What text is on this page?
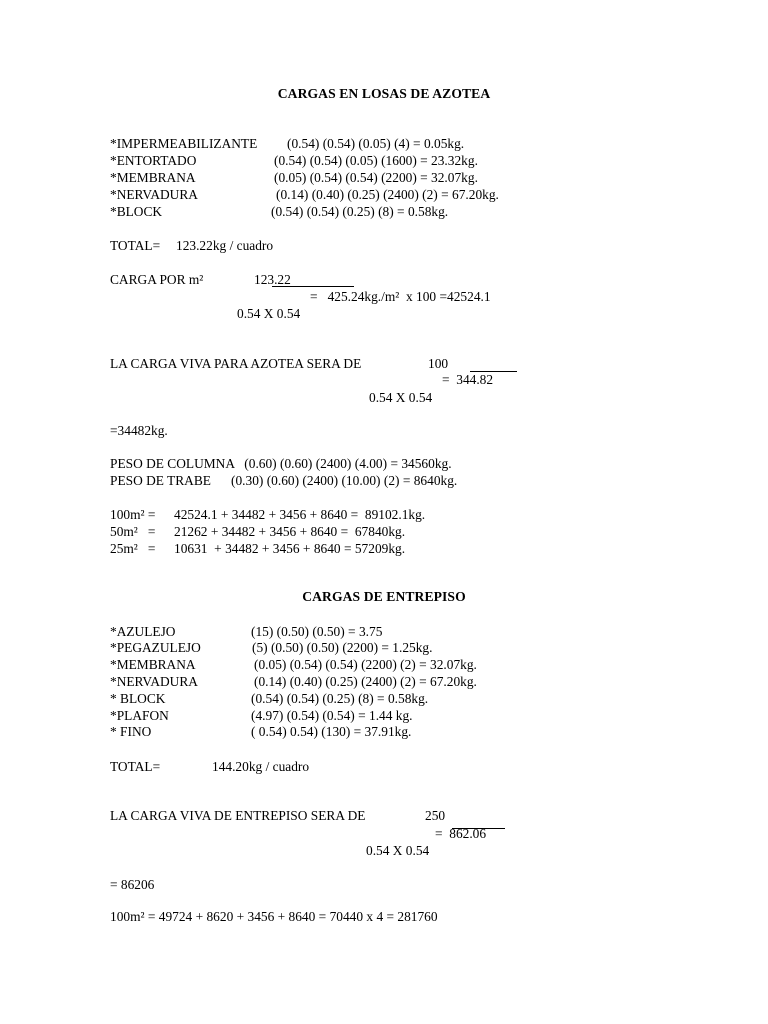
CARGAS EN LOSAS DE AZOTEA
*IMPERMEABILIZANTE (0.54) (0.54) (0.05) (4) = 0.05kg.
*ENTORTADO	(0.54) (0.54) (0.05) (1600) = 23.32kg.
*MEMBRANA	(0.05) (0.54) (0.54) (2200) = 32.07kg.
*NERVADURA	(0.14) (0.40) (0.25) (2400) (2) = 67.20kg.
*BLOCK	(0.54) (0.54) (0.25) (8) = 0.58kg.
TOTAL= 123.22kg / cuadro
CARGA POR m²	123.22
=   425.24kg./m²  x 100 =42524.1
0.54 X 0.54
LA CARGA VIVA PARA AZOTEA SERA DE	100
=  344.82
0.54 X 0.54
=34482kg.
PESO DE COLUMNA   (0.60) (0.60) (2400) (4.00) = 34560kg.
PESO DE TRABE      (0.30) (0.60) (2400) (10.00) (2) = 8640kg.
100m² = 42524.1 + 34482 + 3456 + 8640 =  89102.1kg.
50m²   = 21262 + 34482 + 3456 + 8640 =  67840kg.
25m²   = 10631  + 34482 + 3456 + 8640 = 57209kg.
CARGAS DE ENTREPISO
*AZULEJO	(15) (0.50) (0.50) = 3.75
*PEGAZULEJO	(5) (0.50) (0.50) (2200) = 1.25kg.
*MEMBRANA	(0.05) (0.54) (0.54) (2200) (2) = 32.07kg.
*NERVADURA	(0.14) (0.40) (0.25) (2400) (2) = 67.20kg.
* BLOCK	(0.54) (0.54) (0.25) (8) = 0.58kg.
*PLAFON	(4.97) (0.54) (0.54) = 1.44 kg.
* FINO	( 0.54) 0.54) (130) = 37.91kg.
TOTAL=	144.20kg / cuadro
LA CARGA VIVA DE ENTREPISO SERA DE	250
=  862.06
0.54 X 0.54
= 86206
100m² = 49724 + 8620 + 3456 + 8640 = 70440 x 4 = 281760
